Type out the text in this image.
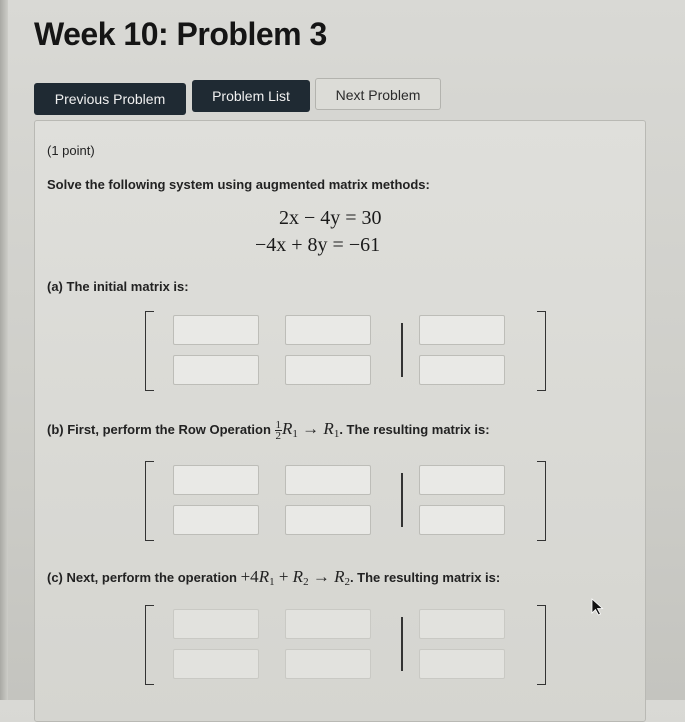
Week 10: Problem 3
Previous Problem	Problem List	Next Problem
(1 point)
Solve the following system using augmented matrix methods:
2x − 4y = 30
−4x + 8y = −61
(a) The initial matrix is:
(b) First, perform the Row Operation $\frac{1}{2} R_1 \to R_1$. The resulting matrix is:
(c) Next, perform the operation $+4R_1 + R_2 \to R_2$. The resulting matrix is:
